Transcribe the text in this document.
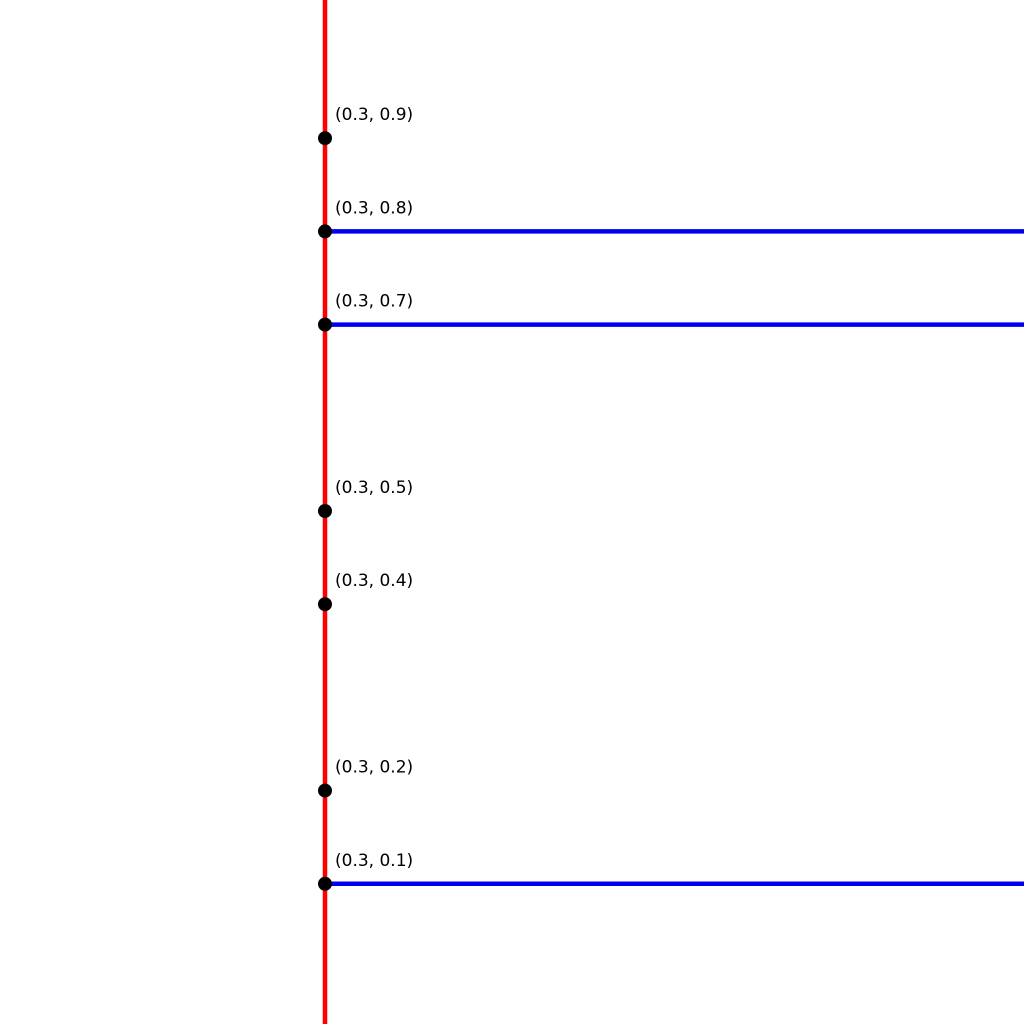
(0.3, 0.9)
(0.3, 0.8)
(0.3, 0.7)
(0.3, 0.5)
(0.3, 0.4)
(0.3, 0.2)
(0.3, 0.1)
